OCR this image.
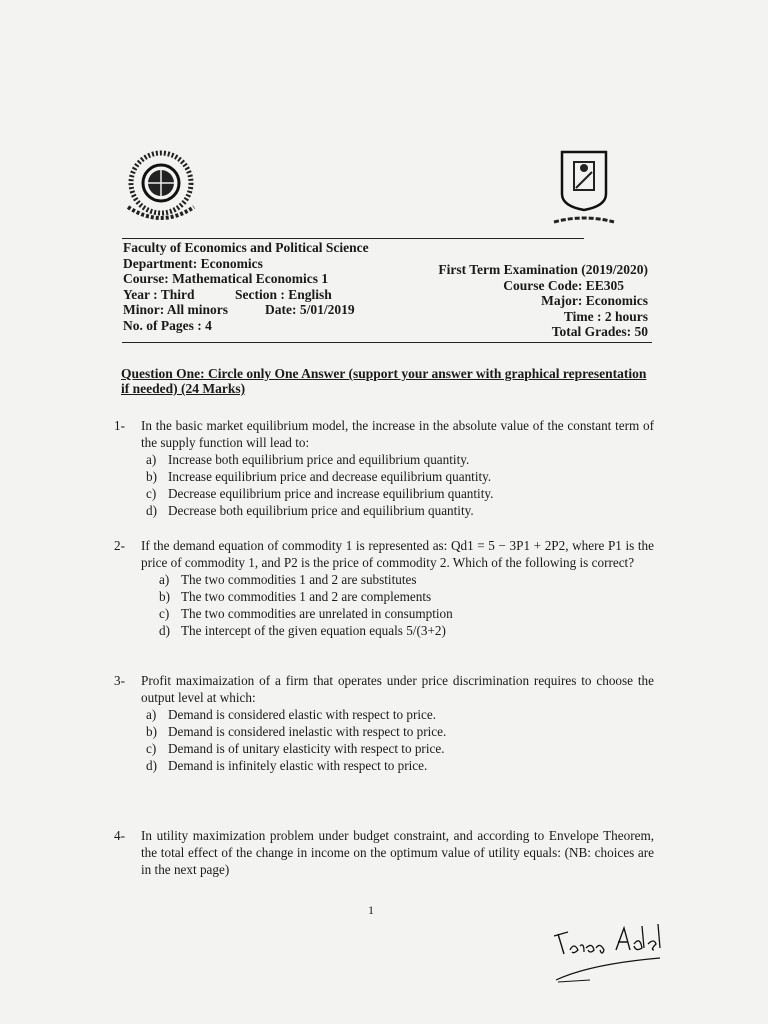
Faculty of Economics and Political Science
Department: Economics
Course: Mathematical Economics 1
Year : Third	Section : English
Minor: All minors	Date: 5/01/2019
No. of Pages : 4
First Term Examination (2019/2020)
Course Code: EE305
Major: Economics
Time : 2 hours
Total Grades: 50
Question One: Circle only One Answer (support your answer with graphical representation if needed) (24 Marks)
1-	In the basic market equilibrium model, the increase in the absolute value of the constant term of the supply function will lead to:
a) Increase both equilibrium price and equilibrium quantity.
b) Increase equilibrium price and decrease equilibrium quantity.
c) Decrease equilibrium price and increase equilibrium quantity.
d) Decrease both equilibrium price and equilibrium quantity.
2-	If the demand equation of commodity 1 is represented as: Qd1 = 5 − 3P1 + 2P2, where P1 is the price of commodity 1, and P2 is the price of commodity 2. Which of the following is correct?
a) The two commodities 1 and 2 are substitutes
b) The two commodities 1 and 2 are complements
c) The two commodities are unrelated in consumption
d) The intercept of the given equation equals 5/(3+2)
3-	Profit maximaization of a firm that operates under price discrimination requires to choose the output level at which:
a) Demand is considered elastic with respect to price.
b) Demand is considered inelastic with respect to price.
c) Demand is of unitary elasticity with respect to price.
d) Demand is infinitely elastic with respect to price.
4-	In utility maximization problem under budget constraint, and according to Envelope Theorem, the total effect of the change in income on the optimum value of utility equals: (NB: choices are in the next page)
1
